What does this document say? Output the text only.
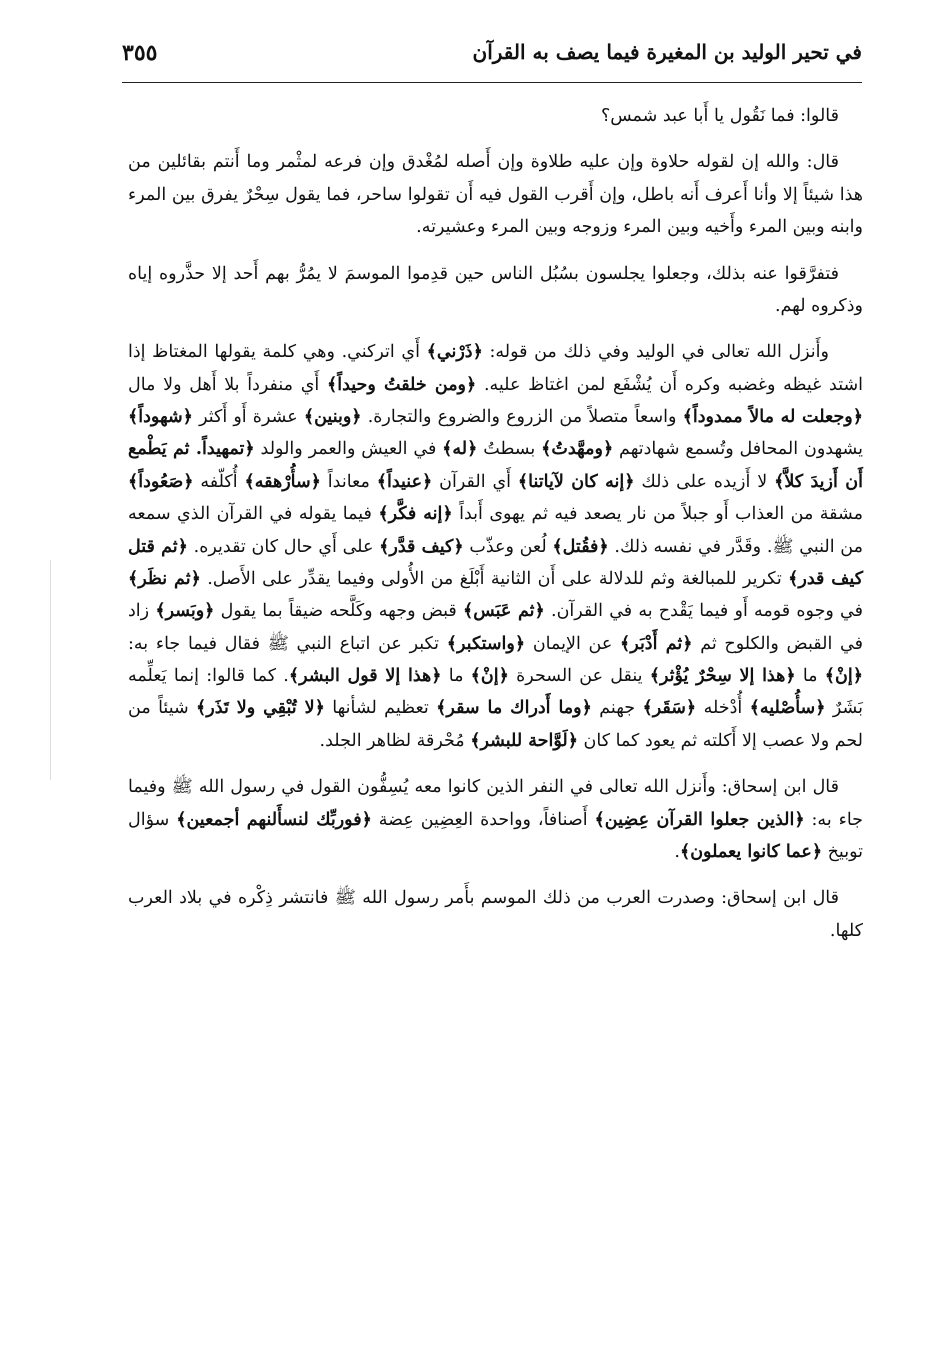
في تحير الوليد بن المغيرة فيما يصف به القرآن
٣٥٥

قالوا: فما نَقُول يا أَبا عبد شمس؟

قال: والله إن لقوله حلاوة وإن عليه طلاوة وإن أَصله لمُغْدق وإن فرعه لمثْمر وما أَنتم بقائلين من هذا شيئاً إلا وأنا أَعرف أَنه باطل، وإن أَقرب القول فيه أَن تقولوا ساحر، فما يقول سِحْرٌ يفرق بين المرء وابنه وبين المرء وأَخيه وبين المرء وزوجه وبين المرء وعشيرته.

فتفرَّقوا عنه بذلك، وجعلوا يجلسون بسُبُل الناس حين قدِموا الموسمَ لا يمُرُّ بهم أَحد إلا حذَّروه إياه وذكروه لهم.

وأَنزل الله تعالى في الوليد وفي ذلك من قوله: ﴿ذَرْني﴾ أَي اتركني. وهي كلمة يقولها المغتاظ إذا اشتد غيظه وغضبه وكره أَن يُشْفَع لمن اغتاظ عليه. ﴿ومن خلقتُ وحيداً﴾ أَي منفرداً بلا أَهل ولا مال ﴿وجعلت له مالاً ممدوداً﴾ واسعاً متصلاً من الزروع والضروع والتجارة. ﴿وبنين﴾ عشرة أَو أَكثر ﴿شهوداً﴾ يشهدون المحافل وتُسمع شهادتهم ﴿ومهَّدتُ﴾ بسطتُ ﴿له﴾ في العيش والعمر والولد ﴿تمهيداً. ثم يَطْمع أَن أَزيدَ كلاَّ﴾ لا أَزيده على ذلك ﴿إنه كان لآياتنا﴾ أَي القرآن ﴿عنيداً﴾ معانداً ﴿سأُرْهقه﴾ أُكلّفه ﴿صَعُوداً﴾ مشقة من العذاب أَو جبلاً من نار يصعد فيه ثم يهوى أَبداً ﴿إنه فكَّر﴾ فيما يقوله في القرآن الذي سمعه من النبي ﷺ. وقَدَّر في نفسه ذلك. ﴿فقُتل﴾ لُعن وعذّب ﴿كيف قدَّر﴾ على أَي حال كان تقديره. ﴿ثم قتل كيف قدر﴾ تكرير للمبالغة وثم للدلالة على أَن الثانية أَبْلَغ من الأُولى وفيما يقدِّر على الأَصل. ﴿ثم نظَر﴾ في وجوه قومه أَو فيما يَقْدح به في القرآن. ﴿ثم عَبَس﴾ قبض وجهه وكَلَّحه ضيقاً بما يقول ﴿وبَسر﴾ زاد في القبض والكلوح ثم ﴿ثم أَدْبَر﴾ عن الإيمان ﴿واستكبر﴾ تكبر عن اتباع النبي ﷺ فقال فيما جاء به: ﴿إنْ﴾ ما ﴿هذا إلا سِحْرٌ يُؤْثر﴾ ينقل عن السحرة ﴿إنْ﴾ ما ﴿هذا إلا قول البشر﴾. كما قالوا: إنما يَعلِّمه بَشَرٌ ﴿سأُصْليه﴾ أُدْخله ﴿سَقَر﴾ جهنم ﴿وما أَدراك ما سقر﴾ تعظيم لشأنها ﴿لا تُبْقِي ولا تَذَر﴾ شيئاً من لحم ولا عصب إلا أَكلته ثم يعود كما كان ﴿لَوَّاحة للبشر﴾ مُحْرقة لظاهر الجلد.

قال ابن إسحاق: وأَنزل الله تعالى في النفر الذين كانوا معه يُسِفُّون القول في رسول الله ﷺ وفيما جاء به: ﴿الذين جعلوا القرآن عِضِين﴾ أَصنافاً، وواحدة العِضِين عِضة ﴿فوربِّك لنسأَلنهم أجمعين﴾ سؤال توبيخ ﴿عما كانوا يعملون﴾.

قال ابن إسحاق: وصدرت العرب من ذلك الموسم بأَمر رسول الله ﷺ فانتشر ذِكْره في بلاد العرب كلها.
